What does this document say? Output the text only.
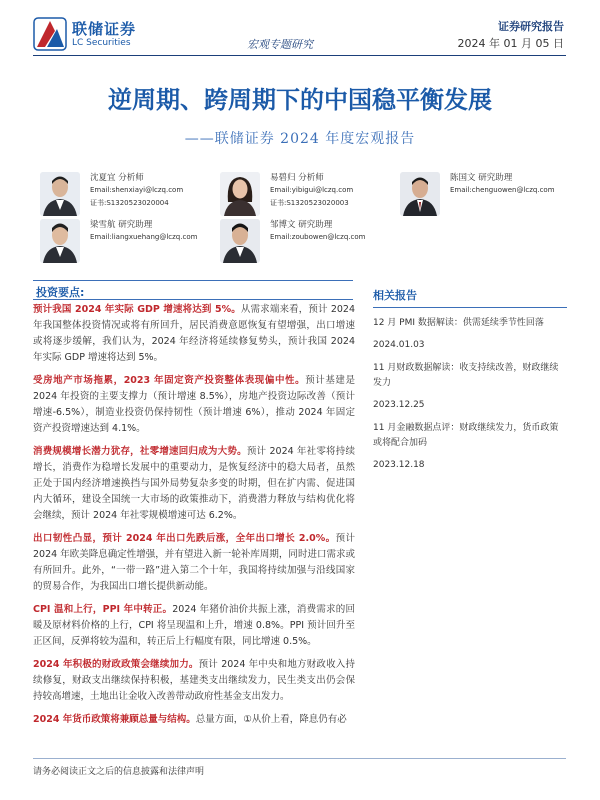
联储证券
LC Securities	宏观专题研究
证券研究报告
2024 年 01 月 05 日
逆周期、跨周期下的中国稳平衡发展
——联储证券 2024 年度宏观报告
沈夏宜 分析师
Email:shenxiayi@lczq.com
证书:S1320523020004
易碧归 分析师
Email:yibigui@lczq.com
证书:S1320523020003
陈国文 研究助理
Email:chenguowen@lczq.com
梁雪航 研究助理
Email:liangxuehang@lczq.com
邹博文 研究助理
Email:zoubowen@lczq.com
投资要点:

预计我国 2024 年实际 GDP 增速将达到 5%。从需求端来看，预计 2024 年我国整体投资情况或将有所回升，居民消费意愿恢复有望增强，出口增速或将逐步缓解，我们认为，2024 年经济将延续修复势头，预计我国 2024 年实际 GDP 增速将达到 5%。

受房地产市场拖累，2023 年固定资产投资整体表现偏中性。预计基建是 2024 年投资的主要支撑力（预计增速 8.5%），房地产投资边际改善（预计增速-6.5%），制造业投资仍保持韧性（预计增速 6%），推动 2024 年固定资产投资增速达到 4.1%。

消费规模增长潜力犹存，社零增速回归成为大势。预计 2024 年社零将持续增长，消费作为稳增长发展中的重要动力，是恢复经济中的稳大局者，虽然正处于国内经济增速换挡与国外局势复杂多变的时期，但在扩内需、促进国内大循环，建设全国统一大市场的政策推动下，消费潜力释放与结构优化将会继续，预计 2024 年社零规模增速可达 6.2%。

出口韧性凸显，预计 2024 年出口先跌后涨，全年出口增长 2.0%。预计 2024 年欧美降息确定性增强，并有望进入新一轮补库周期，同时进口需求或有所回升。此外，“一带一路”进入第二个十年，我国将持续加强与沿线国家的贸易合作，为我国出口增长提供新动能。

CPI 温和上行，PPI 年中转正。2024 年猪价油价共振上涨，消费需求的回暖及原材料价格的上行，CPI 将呈现温和上升，增速 0.8%。PPI 预计回升至正区间，反弹将较为温和，转正后上行幅度有限，同比增速 0.5%。

2024 年积极的财政政策会继续加力。预计 2024 年中央和地方财政收入持续修复，财政支出继续保持积极，基建类支出继续发力，民生类支出仍会保持较高增速，土地出让金收入改善带动政府性基金支出发力。

2024 年货币政策将兼顾总量与结构。总量方面，①从价上看，降息仍有必

相关报告
12 月 PMI 数据解读：供需延续季节性回落
2024.01.03
11 月财政数据解读：收支持续改善，财政继续发力
2023.12.25
11 月金融数据点评：财政继续发力，货币政策或将配合加码
2023.12.18
请务必阅读正文之后的信息披露和法律声明
